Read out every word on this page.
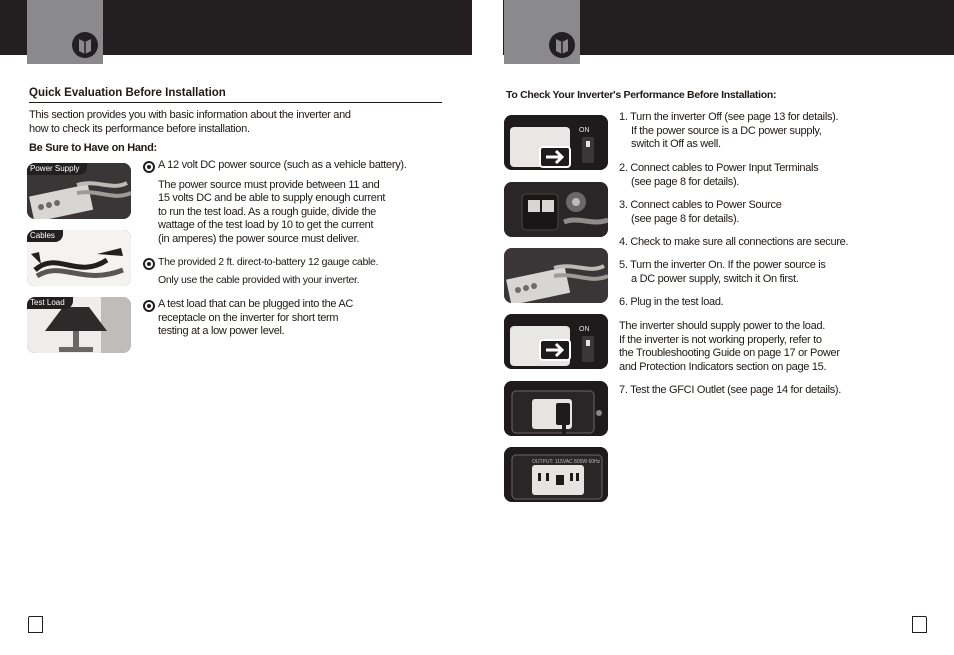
Quick Evaluation Before Installation

This section provides you with basic information about the inverter and

how to check its performance before installation.

Be Sure to Have on Hand:
Power Supply
Cables
Test Load

A 12 volt DC power source (such as a vehicle battery).

The power source must provide between 11 and

15 volts DC and be able to supply enough current

to run the test load. As a rough guide, divide the

wattage of the test load by 10 to get the current

(in amperes) the power source must deliver.

The provided 2 ft. direct-to-battery 12 gauge cable.

Only use the cable provided with your inverter.

A test load that can be plugged into the AC

receptacle on the inverter for short term

testing at a low power level.

To Check Your Inverter's Performance Before Installation:
ON
ON
OUTPUT: 115VAC 800W 60Hz

1. Turn the inverter Off (see page 13 for details).

If the power source is a DC power supply,

switch it Off as well.

2. Connect cables to Power Input Terminals

(see page 8 for details).

3. Connect cables to Power Source

(see page 8 for details).

4. Check to make sure all connections are secure.

5. Turn the inverter On. If the power source is

a DC power supply, switch it On first.

6. Plug in the test load.

The inverter should supply power to the load.

If the inverter is not working properly, refer to

the Troubleshooting Guide on page 17 or Power

and Protection Indicators section on page 15.

7. Test the GFCI Outlet (see page 14 for details).
